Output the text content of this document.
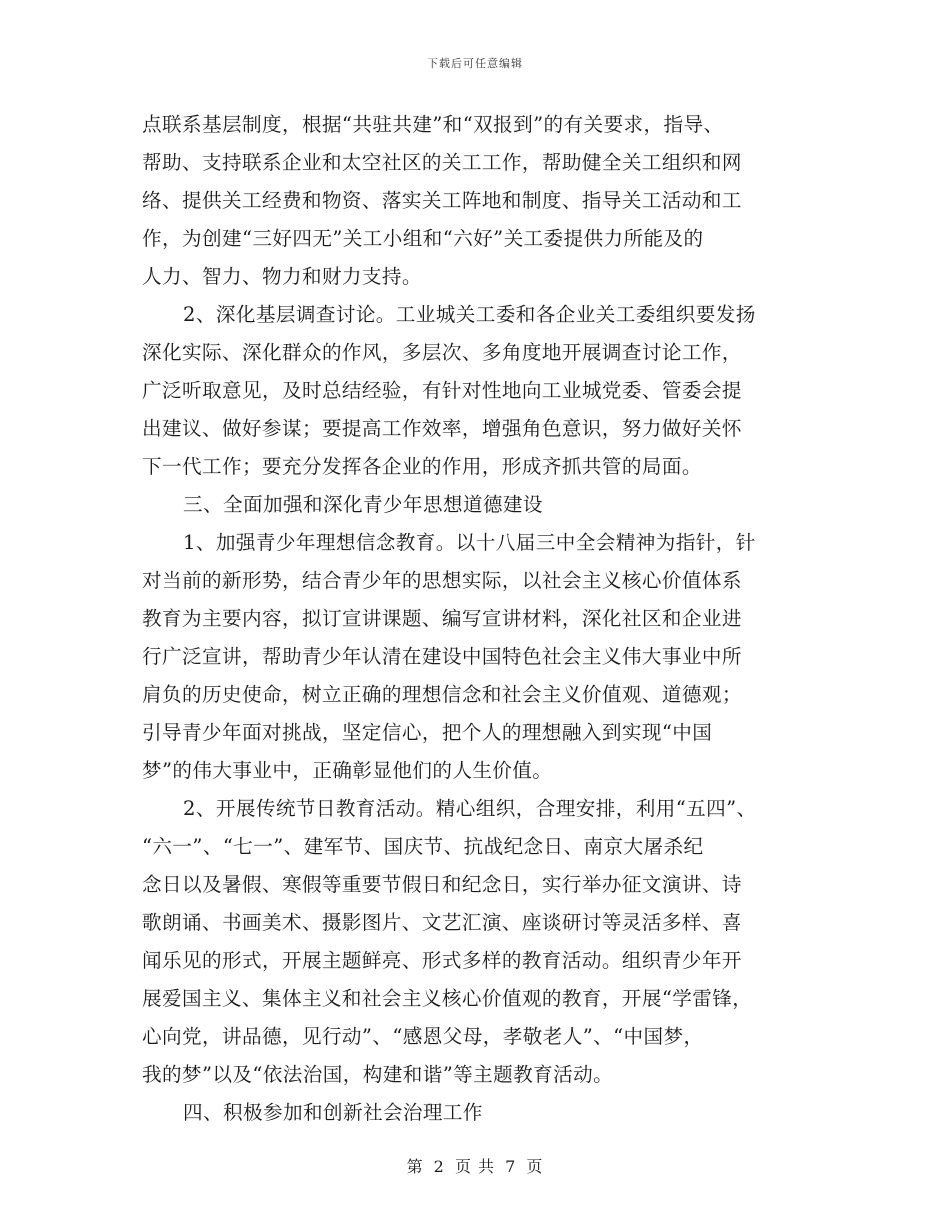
下载后可任意编辑
点联系基层制度，根据“共驻共建”和“双报到”的有关要求，指导、
帮助、支持联系企业和太空社区的关工工作，帮助健全关工组织和网
络、提供关工经费和物资、落实关工阵地和制度、指导关工活动和工
作，为创建“三好四无”关工小组和“六好”关工委提供力所能及的
人力、智力、物力和财力支持。
2、深化基层调查讨论。工业城关工委和各企业关工委组织要发扬
深化实际、深化群众的作风，多层次、多角度地开展调查讨论工作，
广泛听取意见，及时总结经验，有针对性地向工业城党委、管委会提
出建议、做好参谋；要提高工作效率，增强角色意识，努力做好关怀
下一代工作；要充分发挥各企业的作用，形成齐抓共管的局面。
三、全面加强和深化青少年思想道德建设
1、加强青少年理想信念教育。以十八届三中全会精神为指针，针
对当前的新形势，结合青少年的思想实际，以社会主义核心价值体系
教育为主要内容，拟订宣讲课题、编写宣讲材料，深化社区和企业进
行广泛宣讲，帮助青少年认清在建设中国特色社会主义伟大事业中所
肩负的历史使命，树立正确的理想信念和社会主义价值观、道德观；
引导青少年面对挑战，坚定信心，把个人的理想融入到实现“中国
梦”的伟大事业中，正确彰显他们的人生价值。
2、开展传统节日教育活动。精心组织，合理安排，利用“五四”、
“六一”、“七一”、建军节、国庆节、抗战纪念日、南京大屠杀纪
念日以及暑假、寒假等重要节假日和纪念日，实行举办征文演讲、诗
歌朗诵、书画美术、摄影图片、文艺汇演、座谈研讨等灵活多样、喜
闻乐见的形式，开展主题鲜亮、形式多样的教育活动。组织青少年开
展爱国主义、集体主义和社会主义核心价值观的教育，开展“学雷锋，
心向党，讲品德，见行动”、“感恩父母，孝敬老人”、“中国梦，
我的梦”以及“依法治国，构建和谐”等主题教育活动。
四、积极参加和创新社会治理工作
第 2 页 共 7 页
